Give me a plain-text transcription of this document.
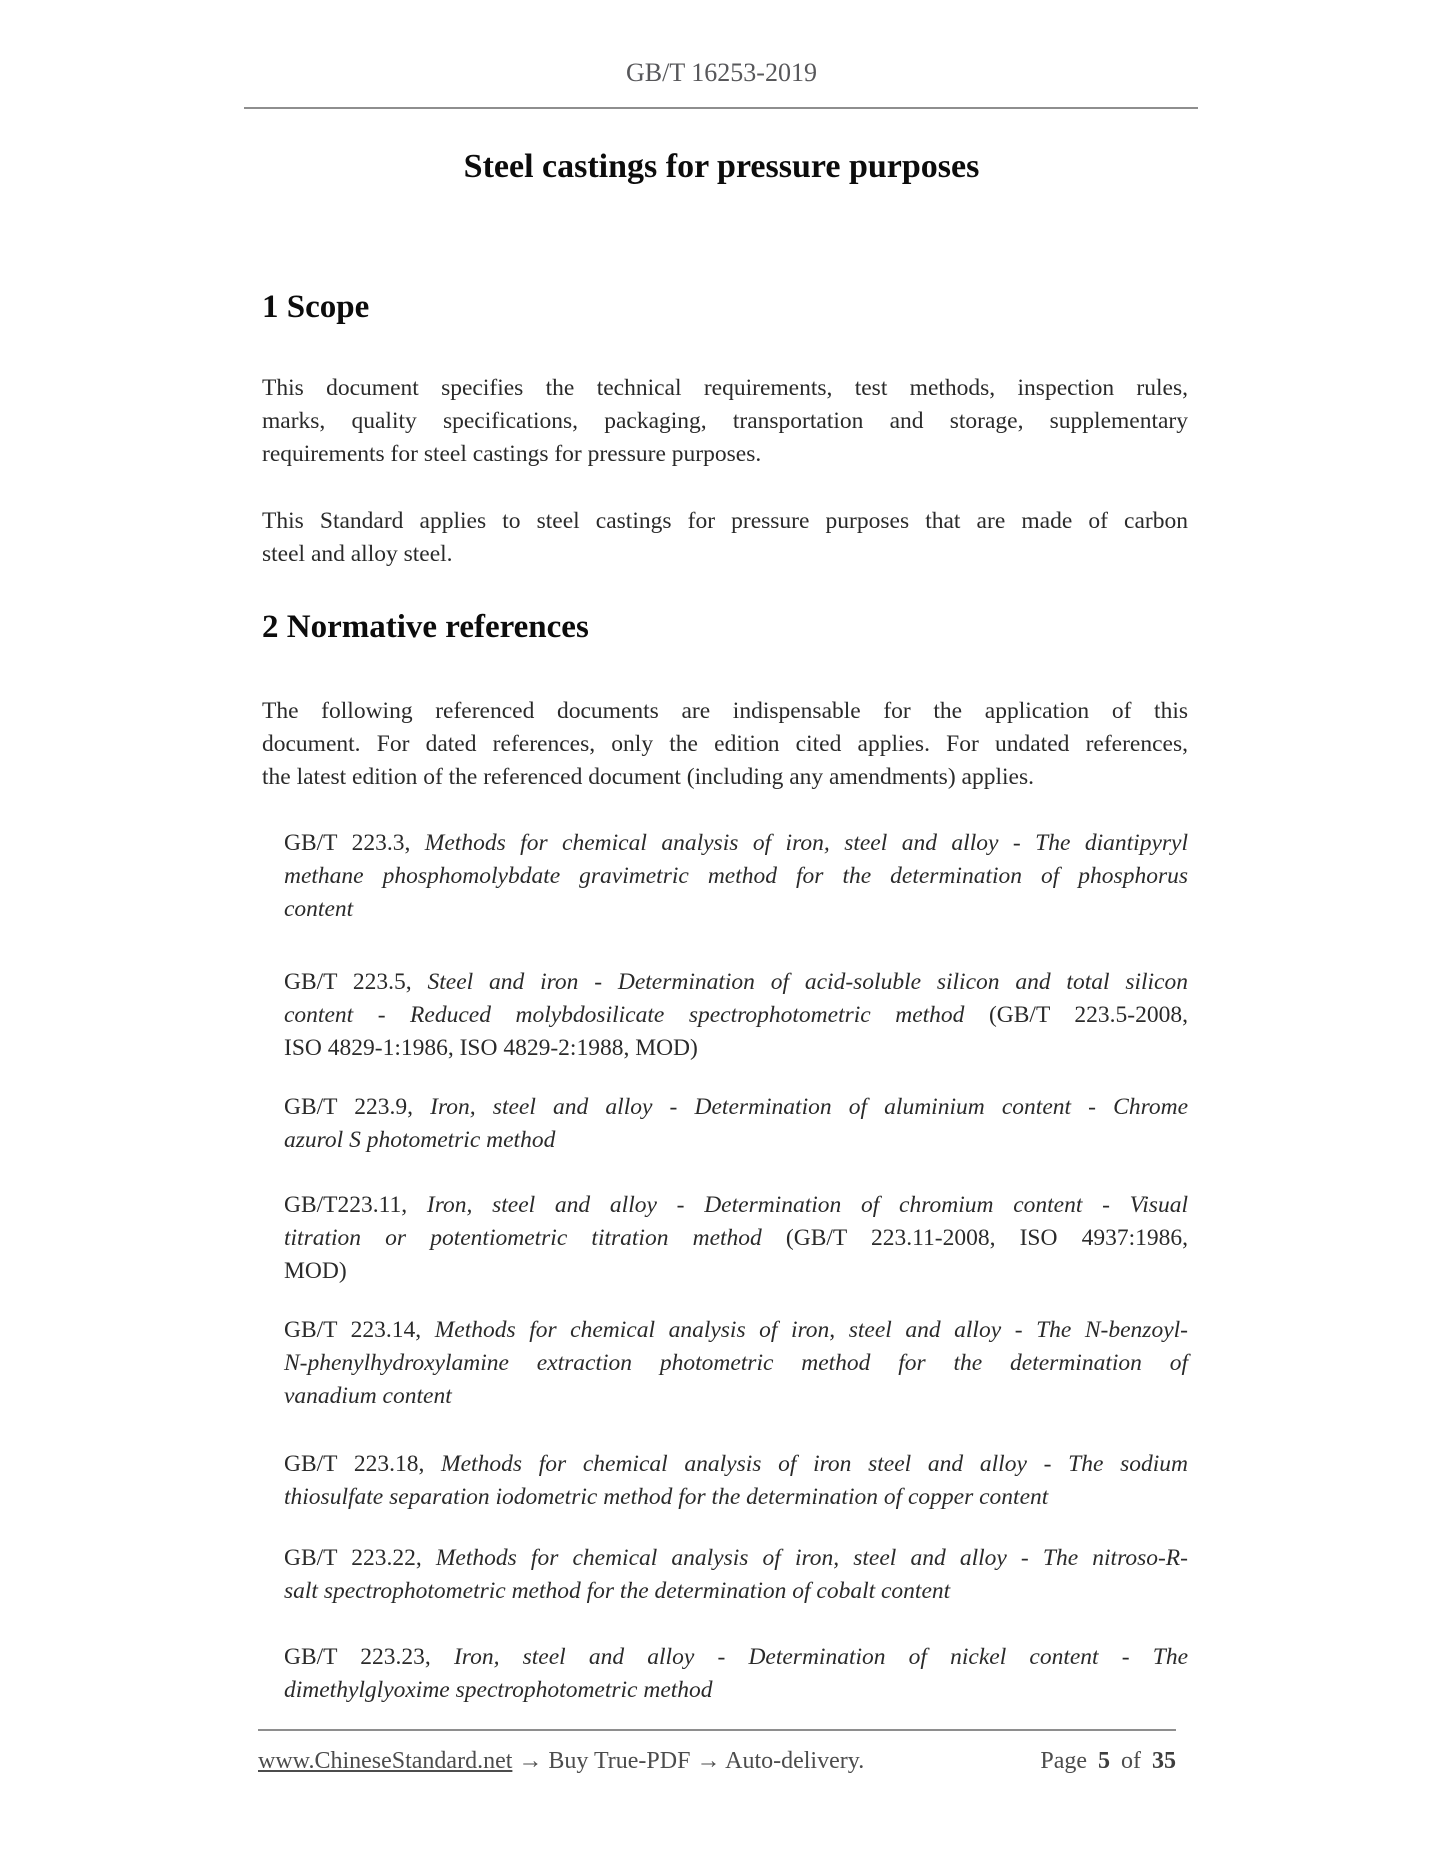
GB/T 16253-2019
Steel castings for pressure purposes
1 Scope
This document specifies the technical requirements, test methods, inspection rules,
marks, quality specifications, packaging, transportation and storage, supplementary
requirements for steel castings for pressure purposes.
This Standard applies to steel castings for pressure purposes that are made of carbon
steel and alloy steel.
2 Normative references
The following referenced documents are indispensable for the application of this
document. For dated references, only the edition cited applies. For undated references,
the latest edition of the referenced document (including any amendments) applies.
GB/T 223.3, Methods for chemical analysis of iron, steel and alloy - The diantipyryl
methane phosphomolybdate gravimetric method for the determination of phosphorus
content
GB/T 223.5, Steel and iron - Determination of acid-soluble silicon and total silicon
content - Reduced molybdosilicate spectrophotometric method (GB/T 223.5-2008,
ISO 4829-1:1986, ISO 4829-2:1988, MOD)
GB/T 223.9, Iron, steel and alloy - Determination of aluminium content - Chrome
azurol S photometric method
GB/T223.11, Iron, steel and alloy - Determination of chromium content - Visual
titration or potentiometric titration method (GB/T 223.11-2008, ISO 4937:1986,
MOD)
GB/T 223.14, Methods for chemical analysis of iron, steel and alloy - The N-benzoyl-
N-phenylhydroxylamine extraction photometric method for the determination of
vanadium content
GB/T 223.18, Methods for chemical analysis of iron steel and alloy - The sodium
thiosulfate separation iodometric method for the determination of copper content
GB/T 223.22, Methods for chemical analysis of iron, steel and alloy - The nitroso-R-
salt spectrophotometric method for the determination of cobalt content
GB/T 223.23, Iron, steel and alloy - Determination of nickel content - The
dimethylglyoxime spectrophotometric method
www.ChineseStandard.net → Buy True-PDF → Auto-delivery.	Page 5 of 35
